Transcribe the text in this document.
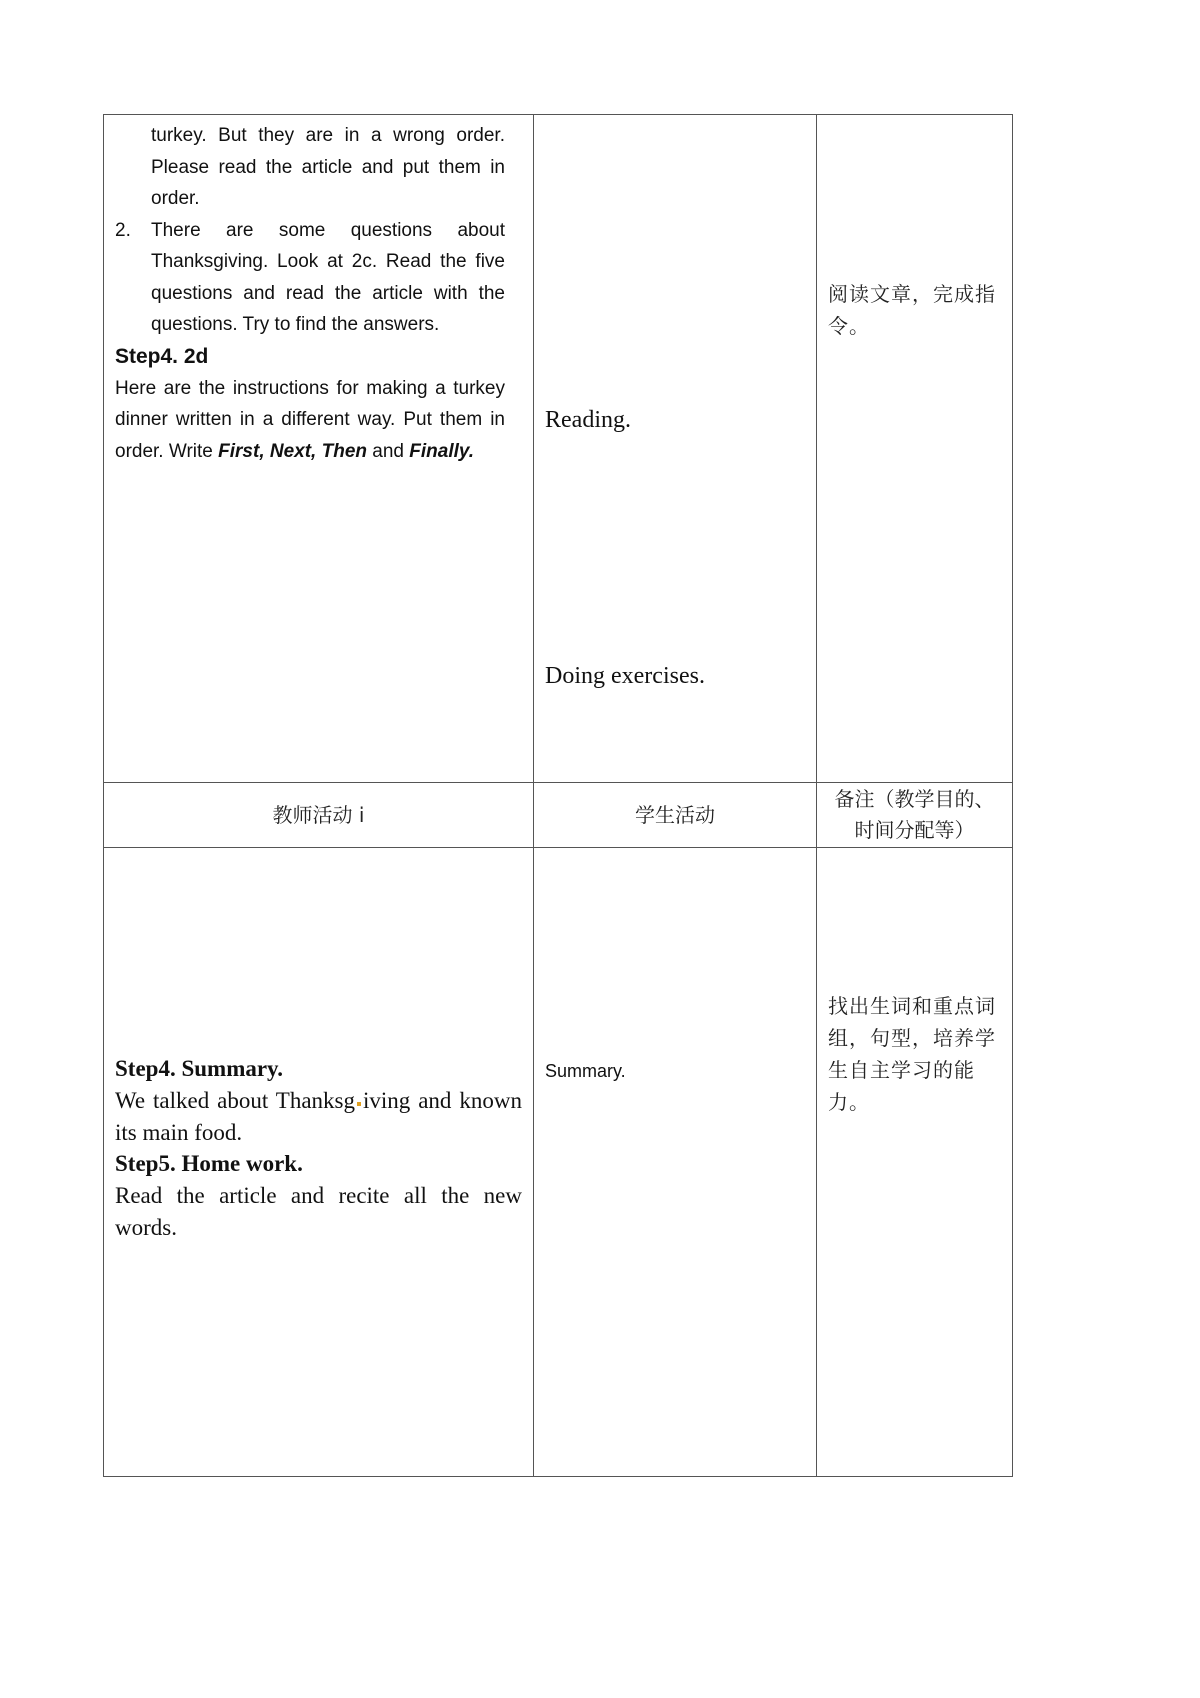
turkey. But they are in a wrong order. Please read the article and put them in order.

2.	There are some questions about Thanksgiving. Look at 2c. Read the five questions and read the article with the questions. Try to find the answers.

Step4. 2d

Here are the instructions for making a turkey dinner written in a different way. Put them in order. Write First, Next, Then and Finally.

Reading.

Doing exercises.

阅读文章，完成指令。

教师活动 i	学生活动
备注（教学目的、时间分配等）

Step4. Summary.

We talked about Thanksg iving and known its main food.

Step5. Home work.

Read the article and recite all the new words.

Summary.

找出生词和重点词组，句型，培养学生自主学习的能力。
